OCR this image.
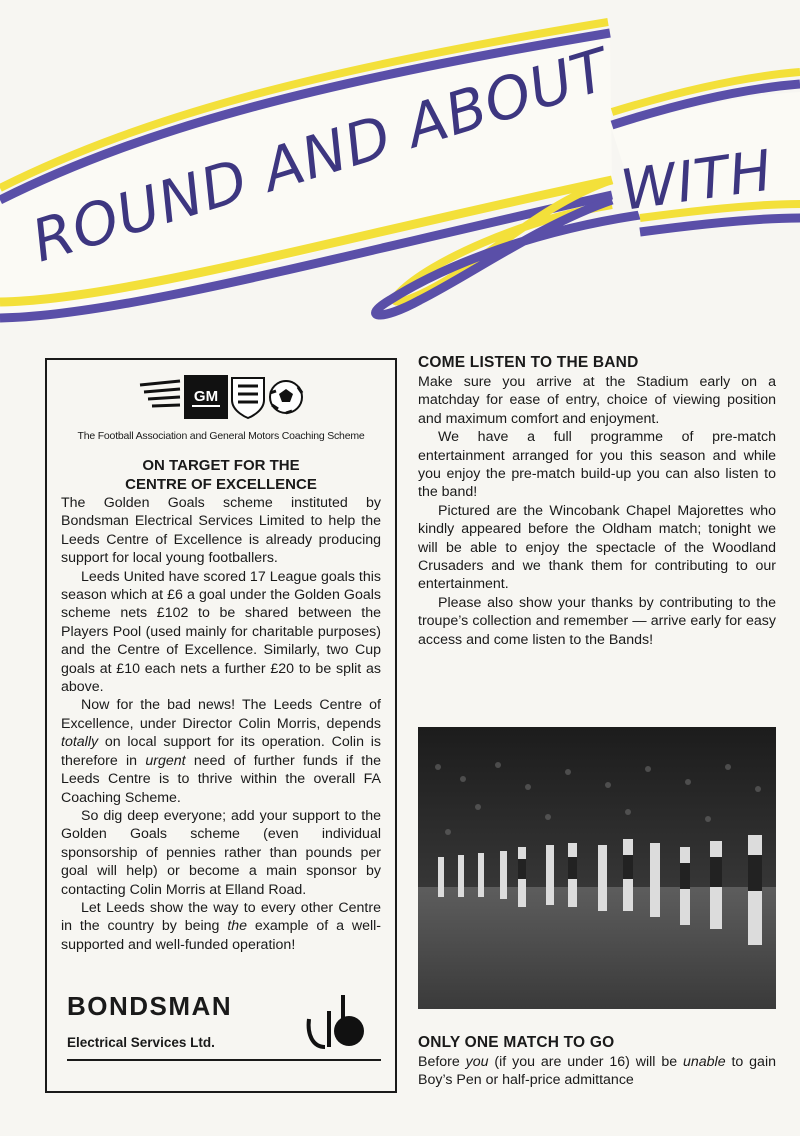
ROUND AND ABOUT WITH
GM

The Football Association and General Motors Coaching Scheme

ON TARGET FOR THE

CENTRE OF EXCELLENCE

The Golden Goals scheme instituted by Bondsman Electrical Services Limited to help the Leeds Centre of Excellence is already producing support for local young footballers.

Leeds United have scored 17 League goals this season which at £6 a goal under the Golden Goals scheme nets £102 to be shared between the Players Pool (used mainly for charitable purposes) and the Centre of Excellence. Similarly, two Cup goals at £10 each nets a further £20 to be split as above.

Now for the bad news! The Leeds Centre of Excellence, under Director Colin Morris, depends totally on local support for its operation. Colin is therefore in urgent need of further funds if the Leeds Centre is to thrive within the overall FA Coaching Scheme.

So dig deep everyone; add your support to the Golden Goals scheme (even individual sponsorship of pennies rather than pounds per goal will help) or become a main sponsor by contacting Colin Morris at Elland Road.

Let Leeds show the way to every other Centre in the country by being the example of a well-supported and well-funded operation!

BONDSMAN
Electrical Services Ltd.

COME LISTEN TO THE BAND

Make sure you arrive at the Stadium early on a matchday for ease of entry, choice of viewing position and maximum comfort and enjoyment.

We have a full programme of pre-match entertainment arranged for you this season and while you enjoy the pre-match build-up you can also listen to the band!

Pictured are the Wincobank Chapel Majorettes who kindly appeared before the Oldham match; tonight we will be able to enjoy the spectacle of the Woodland Crusaders and we thank them for contributing to our entertainment.

Please also show your thanks by contributing to the troupe’s collection and remember — arrive early for easy access and come listen to the Bands!

ONLY ONE MATCH TO GO

Before you (if you are under 16) will be unable to gain Boy’s Pen or half-price admittance
